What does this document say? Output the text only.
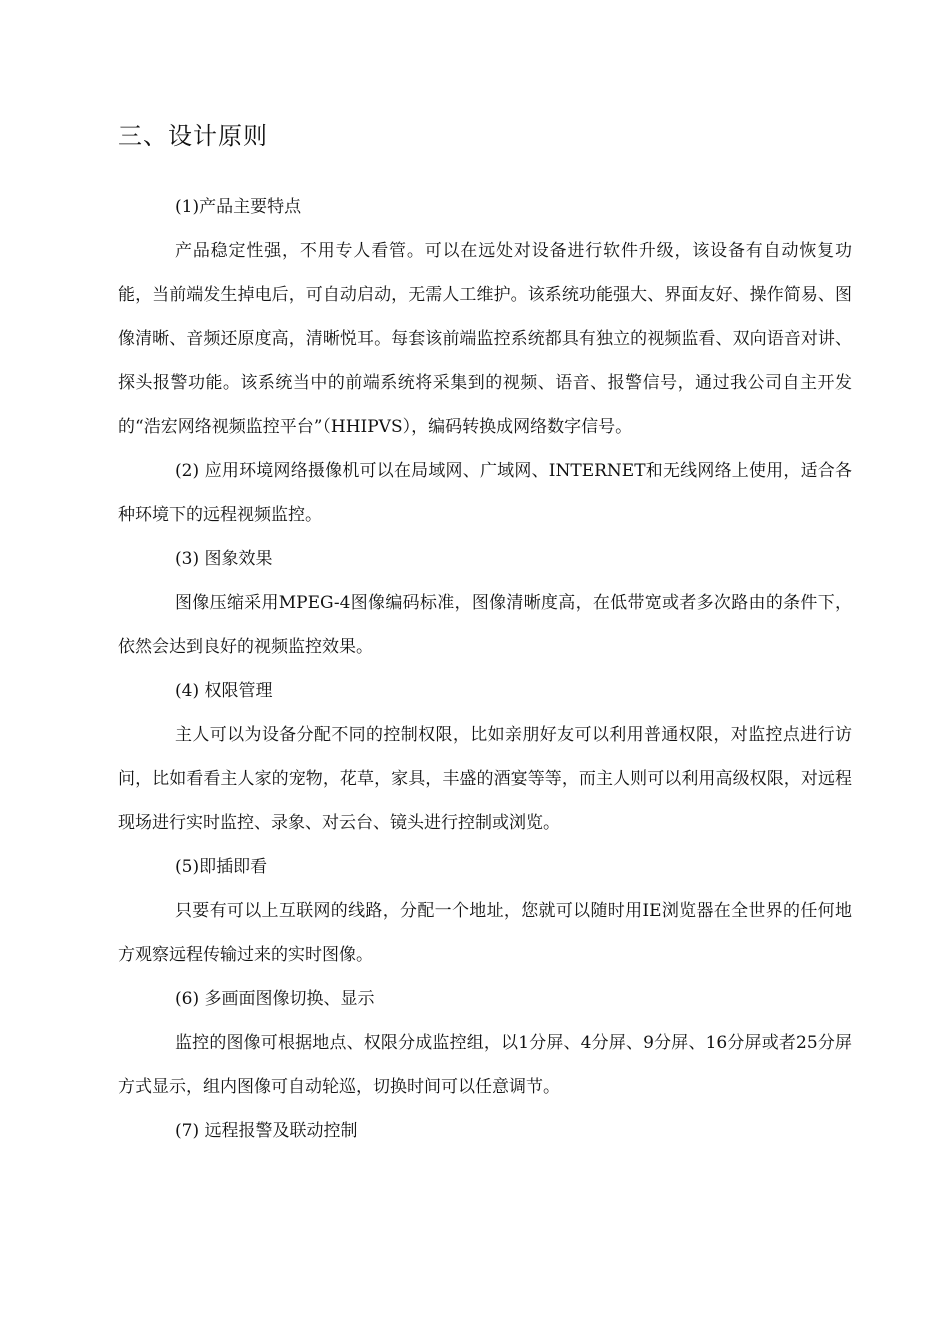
三、设计原则
(1)产品主要特点

产品稳定性强，不用专人看管。可以在远处对设备进行软件升级，该设备有自动恢复功能，当前端发生掉电后，可自动启动，无需人工维护。该系统功能强大、界面友好、操作简易、图像清晰、音频还原度高，清晰悦耳。每套该前端监控系统都具有独立的视频监看、双向语音对讲、探头报警功能。该系统当中的前端系统将采集到的视频、语音、报警信号，通过我公司自主开发的“浩宏网络视频监控平台”（HHIPVS），编码转换成网络数字信号。

(2) 应用环境网络摄像机可以在局域网、广域网、INTERNET和无线网络上使用，适合各种环境下的远程视频监控。

(3) 图象效果

图像压缩采用MPEG-4图像编码标准，图像清晰度高，在低带宽或者多次路由的条件下，依然会达到良好的视频监控效果。

(4) 权限管理

主人可以为设备分配不同的控制权限，比如亲朋好友可以利用普通权限，对监控点进行访问，比如看看主人家的宠物，花草，家具，丰盛的酒宴等等，而主人则可以利用高级权限，对远程现场进行实时监控、录象、对云台、镜头进行控制或浏览。

(5)即插即看

只要有可以上互联网的线路，分配一个地址，您就可以随时用IE浏览器在全世界的任何地方观察远程传输过来的实时图像。

(6) 多画面图像切换、显示

监控的图像可根据地点、权限分成监控组，以1分屏、4分屏、9分屏、16分屏或者25分屏方式显示，组内图像可自动轮巡，切换时间可以任意调节。

(7) 远程报警及联动控制
